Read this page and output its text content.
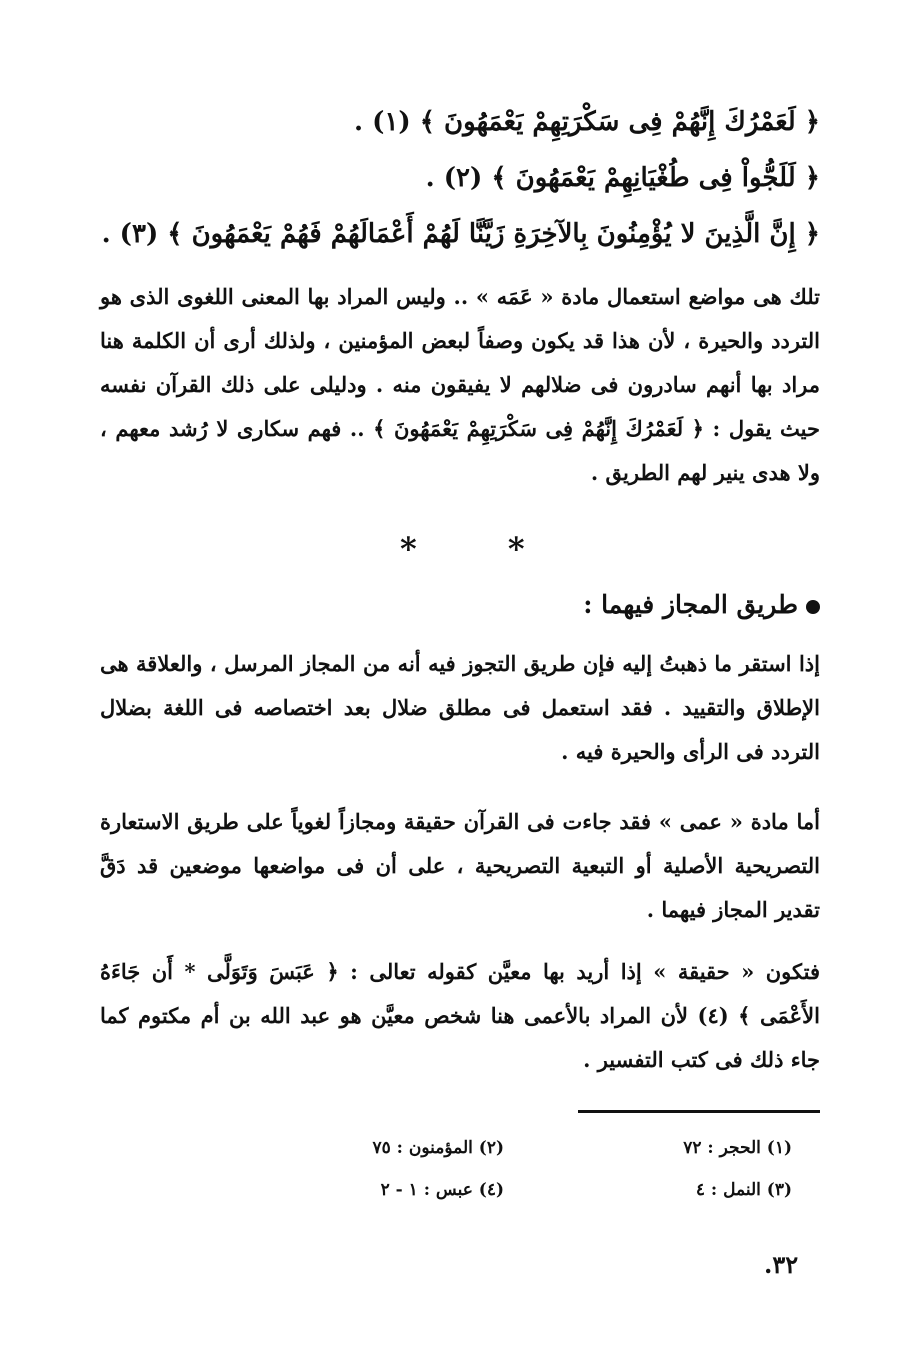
﴿ لَعَمْرُكَ إِنَّهُمْ فِى سَكْرَتِهِمْ يَعْمَهُونَ ﴾ (١) .
﴿ لَلَجُّواْ فِى طُغْيَانِهِمْ يَعْمَهُونَ ﴾ (٢) .
﴿ إِنَّ الَّذِينَ لا يُؤْمِنُونَ بِالآخِرَةِ زَيَّنَّا لَهُمْ أَعْمَالَهُمْ فَهُمْ يَعْمَهُونَ ﴾ (٣) .

تلك هى مواضع استعمال مادة « عَمَه » .. وليس المراد بها المعنى اللغوى الذى هو التردد والحيرة ، لأن هذا قد يكون وصفاً لبعض المؤمنين ، ولذلك أرى أن الكلمة هنا مراد بها أنهم سادرون فى ضلالهم لا يفيقون منه . ودليلى على ذلك القرآن نفسه حيث يقول : ﴿ لَعَمْرُكَ إِنَّهُمْ فِى سَكْرَتِهِمْ يَعْمَهُونَ ﴾ .. فهم سكارى لا رُشد معهم ، ولا هدى ينير لهم الطريق .

* *
طريق المجاز فيهما :

إذا استقر ما ذهبتُ إليه فإن طريق التجوز فيه أنه من المجاز المرسل ، والعلاقة هى الإطلاق والتقييد . فقد استعمل فى مطلق ضلال بعد اختصاصه فى اللغة بضلال التردد فى الرأى والحيرة فيه .

أما مادة « عمى » فقد جاءت فى القرآن حقيقة ومجازاً لغوياً على طريق الاستعارة التصريحية الأصلية أو التبعية التصريحية ، على أن فى مواضعها موضعين قد دَقَّ تقدير المجاز فيهما .

فتكون « حقيقة » إذا أريد بها معيَّن كقوله تعالى : ﴿ عَبَسَ وَتَوَلَّى * أَن جَاءَهُ الأَعْمَى ﴾ (٤) لأن المراد بالأعمى هنا شخص معيَّن هو عبد الله بن أم مكتوم كما جاء ذلك فى كتب التفسير .

(١) الحجر : ٧٢
(٢) المؤمنون : ٧٥
(٣) النمل : ٤
(٤) عبس : ١ - ٢
٣٢.
